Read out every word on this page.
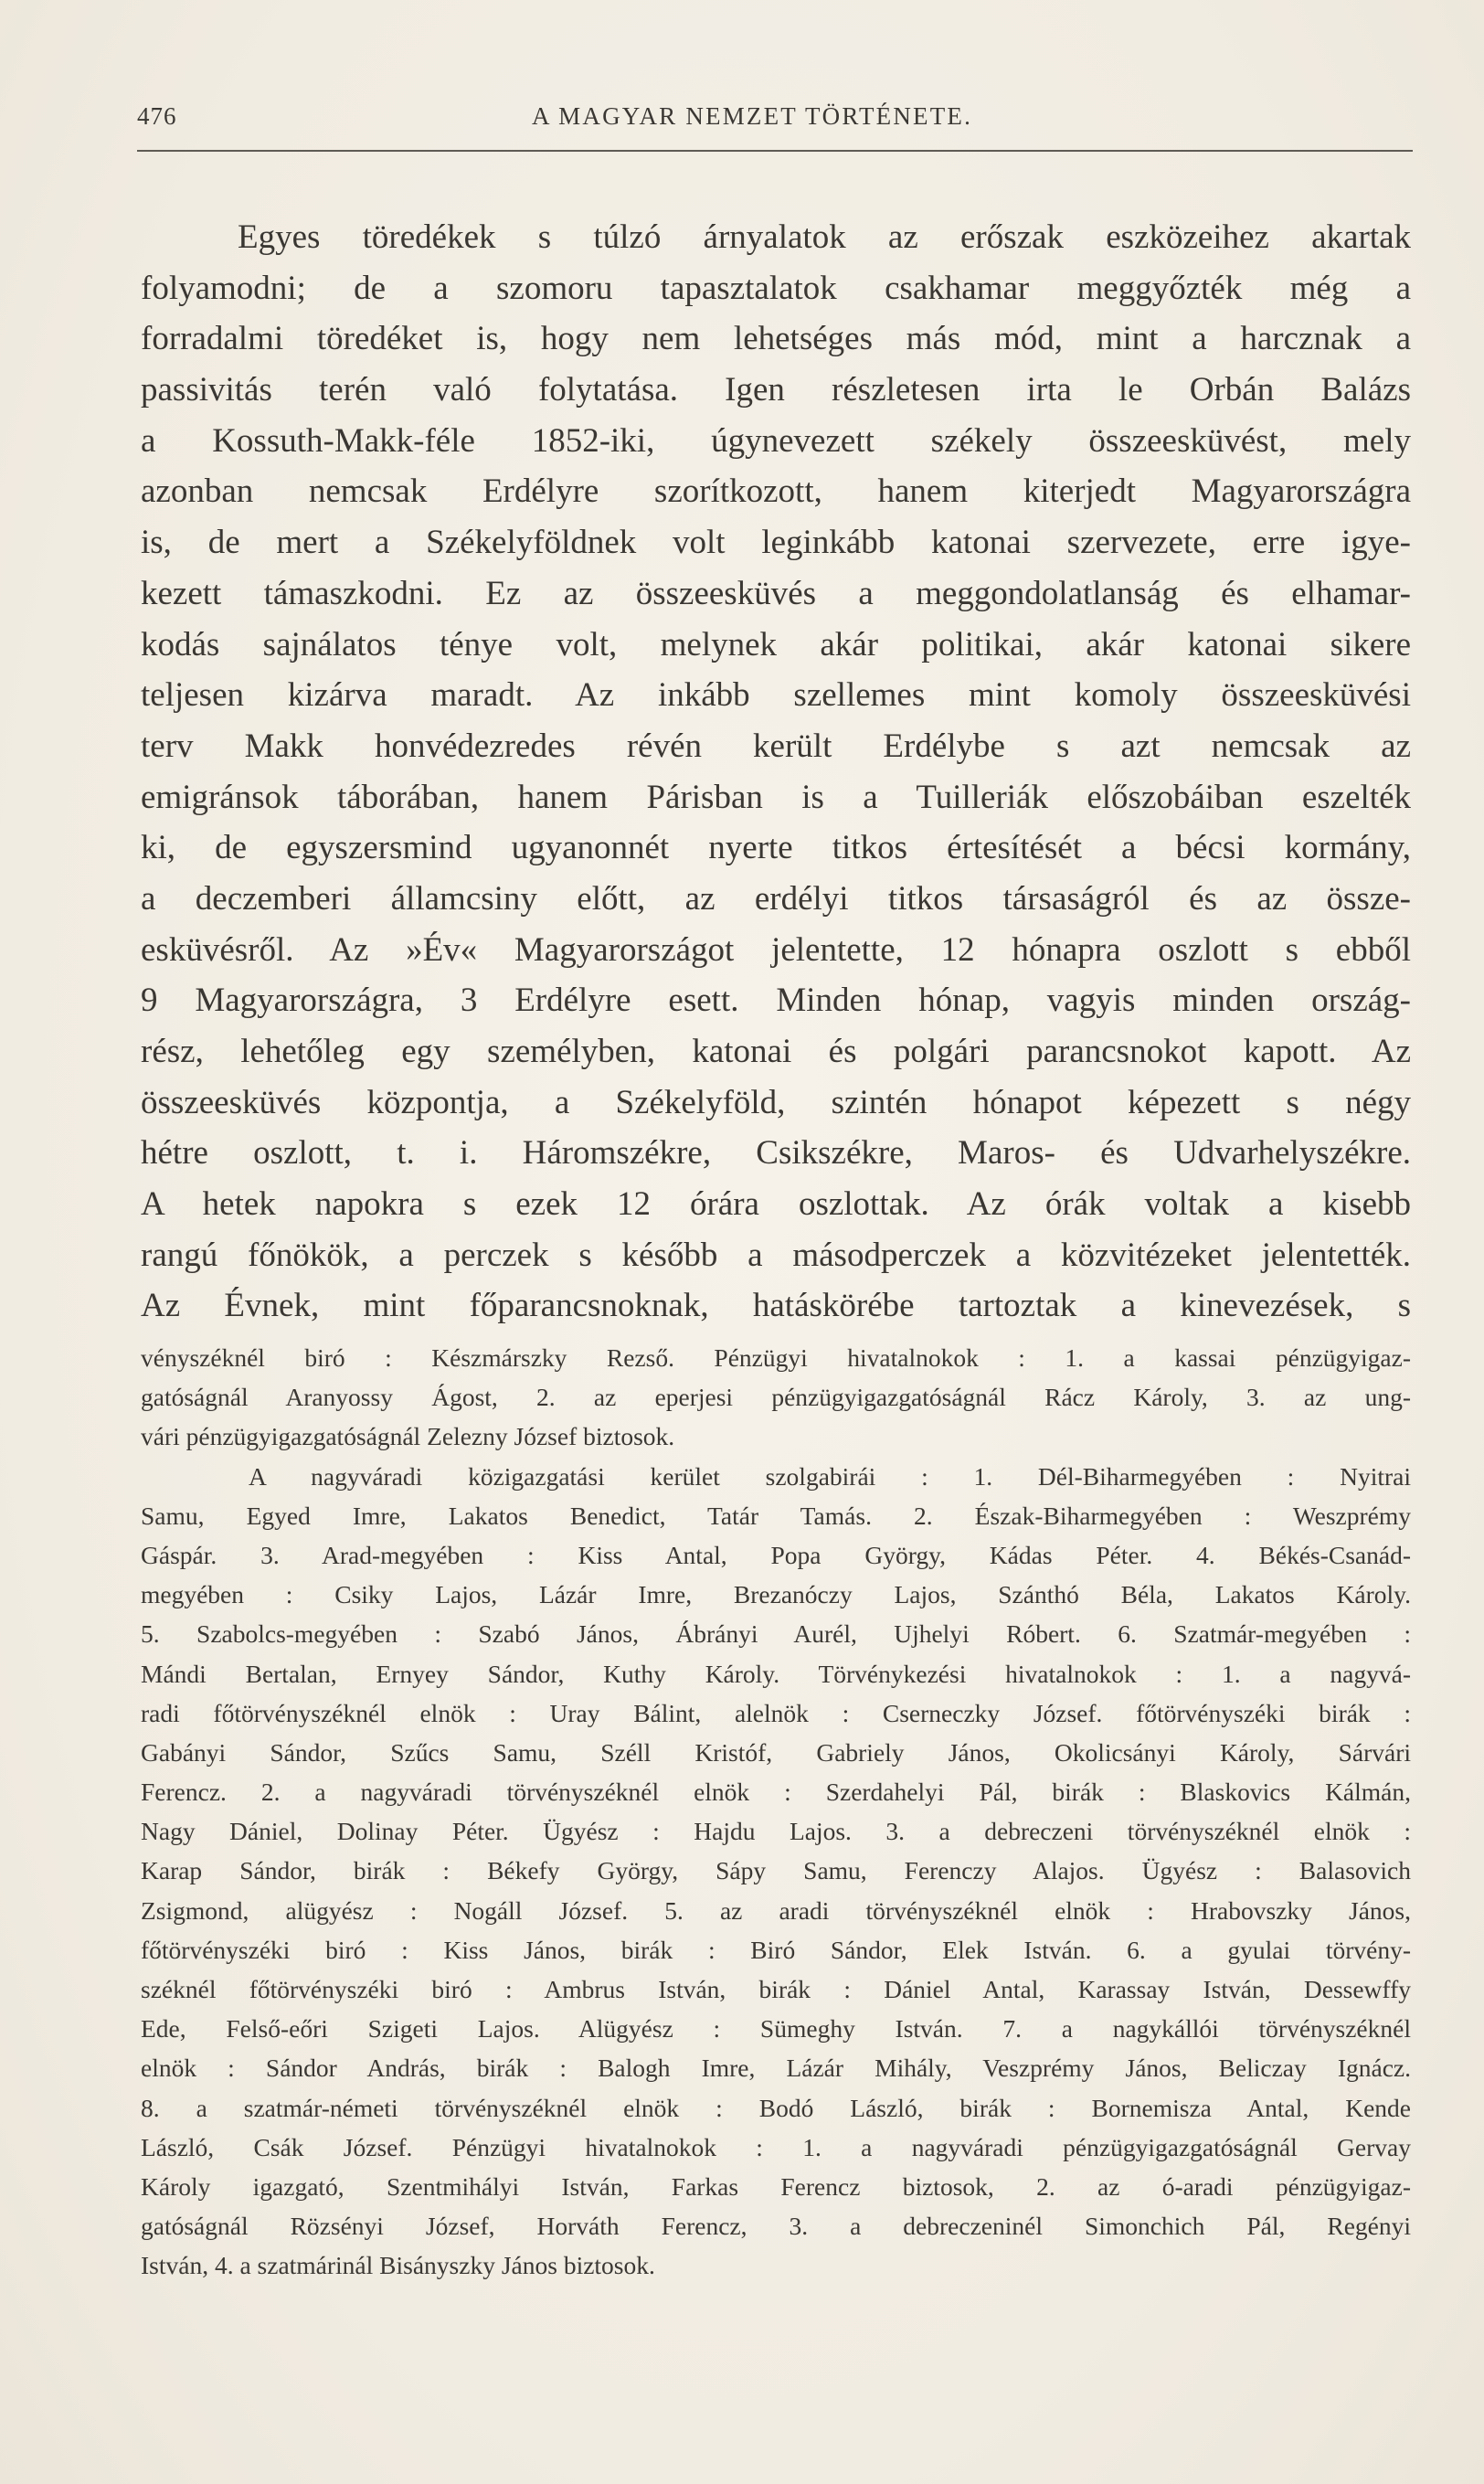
476	A MAGYAR NEMZET TÖRTÉNETE.
Egyes töredékek s túlzó árnyalatok az erőszak eszközeihez akartak
folyamodni; de a szomoru tapasztalatok csakhamar meggyőzték még a
forradalmi töredéket is, hogy nem lehetséges más mód, mint a harcznak a
passivitás terén való folytatása. Igen részletesen irta le Orbán Balázs
a Kossuth-Makk-féle 1852-iki, úgynevezett székely összeesküvést, mely
azonban nemcsak Erdélyre szorítkozott, hanem kiterjedt Magyarországra
is, de mert a Székelyföldnek volt leginkább katonai szervezete, erre igye-
kezett támaszkodni. Ez az összeesküvés a meggondolatlanság és elhamar-
kodás sajnálatos ténye volt, melynek akár politikai, akár katonai sikere
teljesen kizárva maradt. Az inkább szellemes mint komoly összeesküvési
terv Makk honvédezredes révén került Erdélybe s azt nemcsak az
emigránsok táborában, hanem Párisban is a Tuilleriák előszobáiban eszelték
ki, de egyszersmind ugyanonnét nyerte titkos értesítését a bécsi kormány,
a deczemberi államcsiny előtt, az erdélyi titkos társaságról és az össze-
esküvésről. Az »Év« Magyarországot jelentette, 12 hónapra oszlott s ebből
9 Magyarországra, 3 Erdélyre esett. Minden hónap, vagyis minden ország-
rész, lehetőleg egy személyben, katonai és polgári parancsnokot kapott. Az
összeesküvés központja, a Székelyföld, szintén hónapot képezett s négy
hétre oszlott, t. i. Háromszékre, Csikszékre, Maros- és Udvarhelyszékre.
A hetek napokra s ezek 12 órára oszlottak. Az órák voltak a kisebb
rangú főnökök, a perczek s később a másodperczek a közvitézeket jelentették.
Az Évnek, mint főparancsnoknak, hatáskörébe tartoztak a kinevezések, s
vényszéknél biró : Készmárszky Rezső. Pénzügyi hivatalnokok : 1. a kassai pénzügyigaz-
gatóságnál Aranyossy Ágost, 2. az eperjesi pénzügyigazgatóságnál Rácz Károly, 3. az ung-
vári pénzügyigazgatóságnál Zelezny József biztosok.
A nagyváradi közigazgatási kerület szolgabirái : 1. Dél-Biharmegyében : Nyitrai
Samu, Egyed Imre, Lakatos Benedict, Tatár Tamás. 2. Észak-Biharmegyében : Weszprémy
Gáspár. 3. Arad-megyében : Kiss Antal, Popa György, Kádas Péter. 4. Békés-Csanád-
megyében : Csiky Lajos, Lázár Imre, Brezanóczy Lajos, Szánthó Béla, Lakatos Károly.
5. Szabolcs-megyében : Szabó János, Ábrányi Aurél, Ujhelyi Róbert. 6. Szatmár-megyében :
Mándi Bertalan, Ernyey Sándor, Kuthy Károly. Törvénykezési hivatalnokok : 1. a nagyvá-
radi főtörvényszéknél elnök : Uray Bálint, alelnök : Cserneczky József. főtörvényszéki birák :
Gabányi Sándor, Szűcs Samu, Széll Kristóf, Gabriely János, Okolicsányi Károly, Sárvári
Ferencz. 2. a nagyváradi törvényszéknél elnök : Szerdahelyi Pál, birák : Blaskovics Kálmán,
Nagy Dániel, Dolinay Péter. Ügyész : Hajdu Lajos. 3. a debreczeni törvényszéknél elnök :
Karap Sándor, birák : Békefy György, Sápy Samu, Ferenczy Alajos. Ügyész : Balasovich
Zsigmond, alügyész : Nogáll József. 5. az aradi törvényszéknél elnök : Hrabovszky János,
főtörvényszéki biró : Kiss János, birák : Biró Sándor, Elek István. 6. a gyulai törvény-
széknél főtörvényszéki biró : Ambrus István, birák : Dániel Antal, Karassay István, Dessewffy
Ede, Felső-eőri Szigeti Lajos. Alügyész : Sümeghy István. 7. a nagykállói törvényszéknél
elnök : Sándor András, birák : Balogh Imre, Lázár Mihály, Veszprémy János, Beliczay Ignácz.
8. a szatmár-németi törvényszéknél elnök : Bodó László, birák : Bornemisza Antal, Kende
László, Csák József. Pénzügyi hivatalnokok : 1. a nagyváradi pénzügyigazgatóságnál Gervay
Károly igazgató, Szentmihályi István, Farkas Ferencz biztosok, 2. az ó-aradi pénzügyigaz-
gatóságnál Rözsényi József, Horváth Ferencz, 3. a debreczeninél Simonchich Pál, Regényi
István, 4. a szatmárinál Bisányszky János biztosok.
